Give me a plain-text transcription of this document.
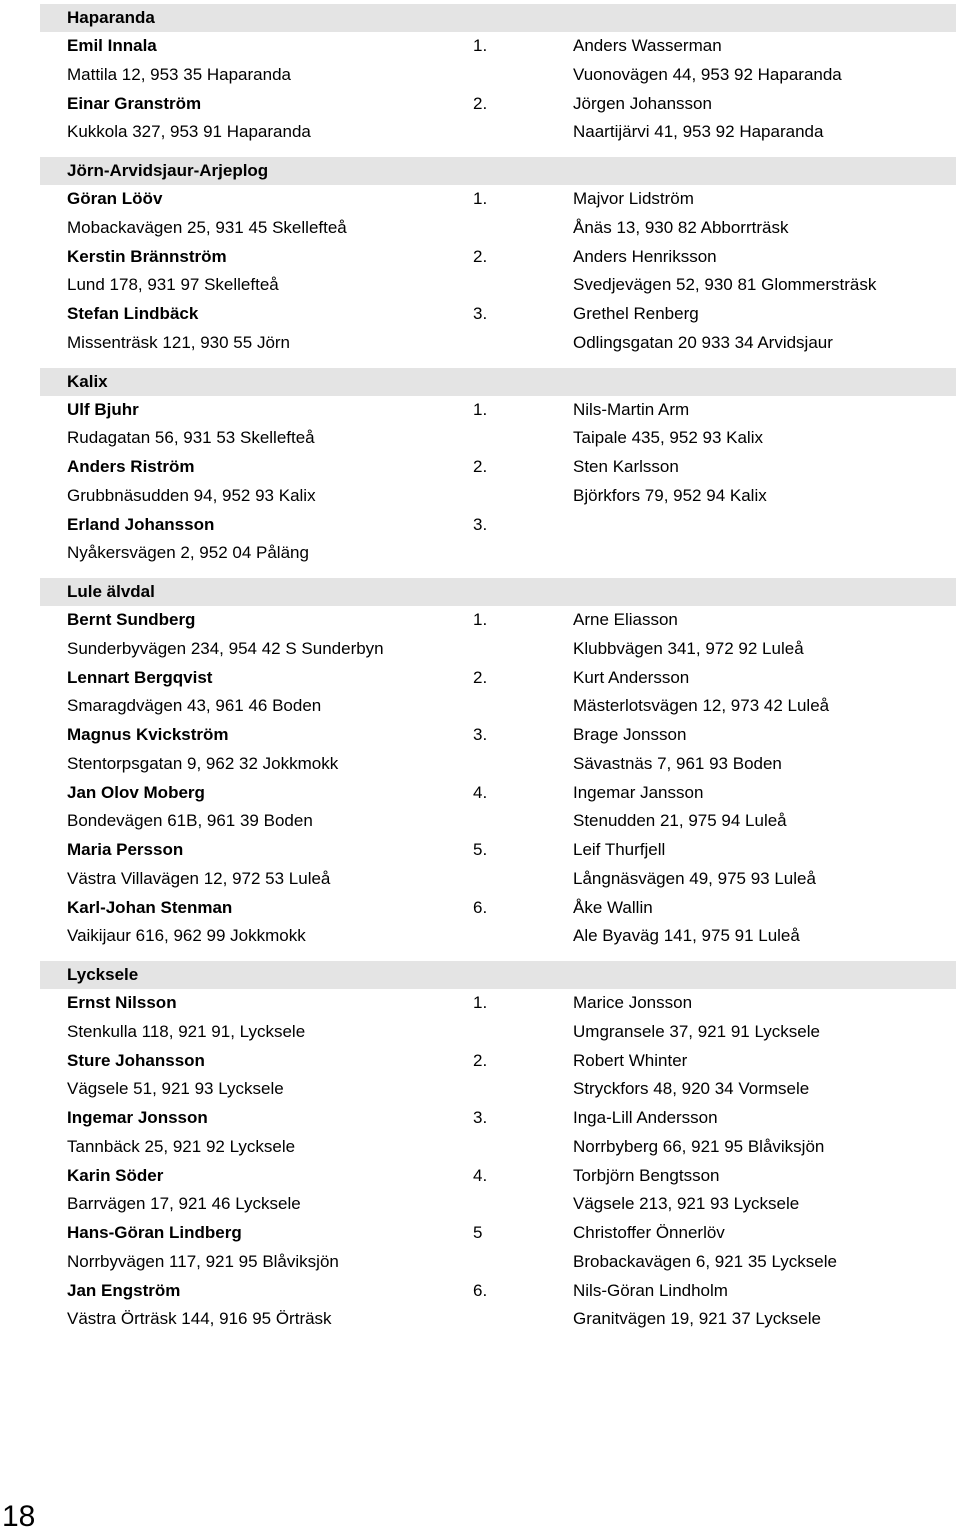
Haparanda
Emil Innala	1.	Anders Wasserman
Mattila 12, 953 35 Haparanda	Vuonovägen 44, 953 92 Haparanda
Einar Granström	2.	Jörgen Johansson
Kukkola 327, 953 91 Haparanda	Naartijärvi 41, 953 92 Haparanda
Jörn-Arvidsjaur-Arjeplog
Göran Lööv	1.	Majvor Lidström
Mobackavägen 25, 931 45 Skellefteå	Ånäs 13, 930 82 Abborrträsk
Kerstin Brännström	2.	Anders Henriksson
Lund 178, 931 97 Skellefteå	Svedjevägen 52, 930 81 Glommersträsk
Stefan Lindbäck	3.	Grethel Renberg
Missenträsk 121, 930 55 Jörn	Odlingsgatan 20 933 34 Arvidsjaur
Kalix
Ulf Bjuhr	1.	Nils-Martin Arm
Rudagatan 56, 931 53 Skellefteå	Taipale 435, 952 93 Kalix
Anders Riström	2.	Sten Karlsson
Grubbnäsudden 94, 952 93 Kalix	Björkfors 79, 952 94 Kalix
Erland Johansson	3.
Nyåkersvägen 2, 952 04 Påläng
Lule älvdal
Bernt Sundberg	1.	Arne Eliasson
Sunderbyvägen 234, 954 42 S Sunderbyn	Klubbvägen 341, 972 92 Luleå
Lennart Bergqvist	2.	Kurt Andersson
Smaragdvägen 43, 961 46 Boden	Mästerlotsvägen 12, 973 42 Luleå
Magnus Kvickström	3.	Brage Jonsson
Stentorpsgatan 9, 962 32 Jokkmokk	Sävastnäs 7, 961 93 Boden
Jan Olov Moberg	4.	Ingemar Jansson
Bondevägen 61B, 961 39 Boden	Stenudden 21, 975 94 Luleå
Maria Persson	5.	Leif Thurfjell
Västra Villavägen 12, 972 53 Luleå	Långnäsvägen 49, 975 93 Luleå
Karl-Johan Stenman	6.	Åke Wallin
Vaikijaur 616, 962 99 Jokkmokk	Ale Byaväg 141, 975 91 Luleå
Lycksele
Ernst Nilsson	1.	Marice Jonsson
Stenkulla 118, 921 91, Lycksele	Umgransele 37, 921 91 Lycksele
Sture Johansson	2.	Robert Whinter
Vägsele 51, 921 93 Lycksele	Stryckfors 48, 920 34 Vormsele
Ingemar Jonsson	3.	Inga-Lill Andersson
Tannbäck 25, 921 92 Lycksele	Norrbyberg 66, 921 95 Blåviksjön
Karin Söder	4.	Torbjörn Bengtsson
Barrvägen 17, 921 46 Lycksele	Vägsele 213, 921 93 Lycksele
Hans-Göran Lindberg	5	Christoffer Önnerlöv
Norrbyvägen 117, 921 95 Blåviksjön	Brobackavägen 6, 921 35 Lycksele
Jan Engström	6.	Nils-Göran Lindholm
Västra Örträsk 144, 916 95 Örträsk	Granitvägen 19, 921 37 Lycksele
18
